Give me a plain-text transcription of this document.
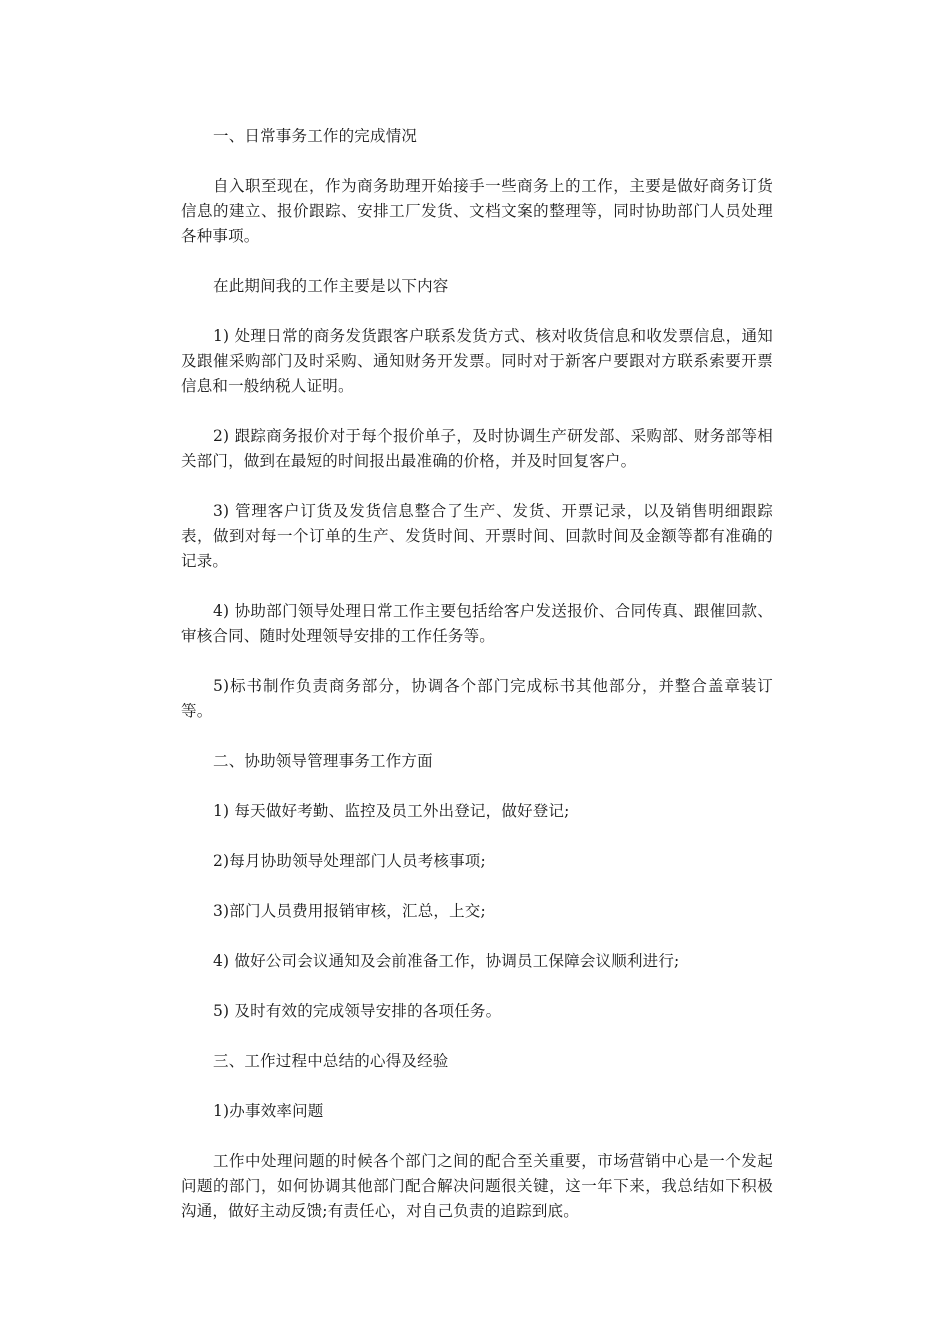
一、日常事务工作的完成情况

自入职至现在，作为商务助理开始接手一些商务上的工作，主要是做好商务订货信息的建立、报价跟踪、安排工厂发货、文档文案的整理等，同时协助部门人员处理各种事项。

在此期间我的工作主要是以下内容

1) 处理日常的商务发货跟客户联系发货方式、核对收货信息和收发票信息，通知及跟催采购部门及时采购、通知财务开发票。同时对于新客户要跟对方联系索要开票信息和一般纳税人证明。

2) 跟踪商务报价对于每个报价单子，及时协调生产研发部、采购部、财务部等相关部门，做到在最短的时间报出最准确的价格，并及时回复客户。

3) 管理客户订货及发货信息整合了生产、发货、开票记录，以及销售明细跟踪表，做到对每一个订单的生产、发货时间、开票时间、回款时间及金额等都有准确的记录。

4) 协助部门领导处理日常工作主要包括给客户发送报价、合同传真、跟催回款、审核合同、随时处理领导安排的工作任务等。

5)标书制作负责商务部分，协调各个部门完成标书其他部分，并整合盖章装订等。

二、协助领导管理事务工作方面

1) 每天做好考勤、监控及员工外出登记，做好登记;

2)每月协助领导处理部门人员考核事项;

3)部门人员费用报销审核，汇总，上交;

4) 做好公司会议通知及会前准备工作，协调员工保障会议顺利进行;

5) 及时有效的完成领导安排的各项任务。

三、工作过程中总结的心得及经验

1)办事效率问题

工作中处理问题的时候各个部门之间的配合至关重要，市场营销中心是一个发起问题的部门，如何协调其他部门配合解决问题很关键，这一年下来，我总结如下积极沟通，做好主动反馈;有责任心，对自己负责的追踪到底。
